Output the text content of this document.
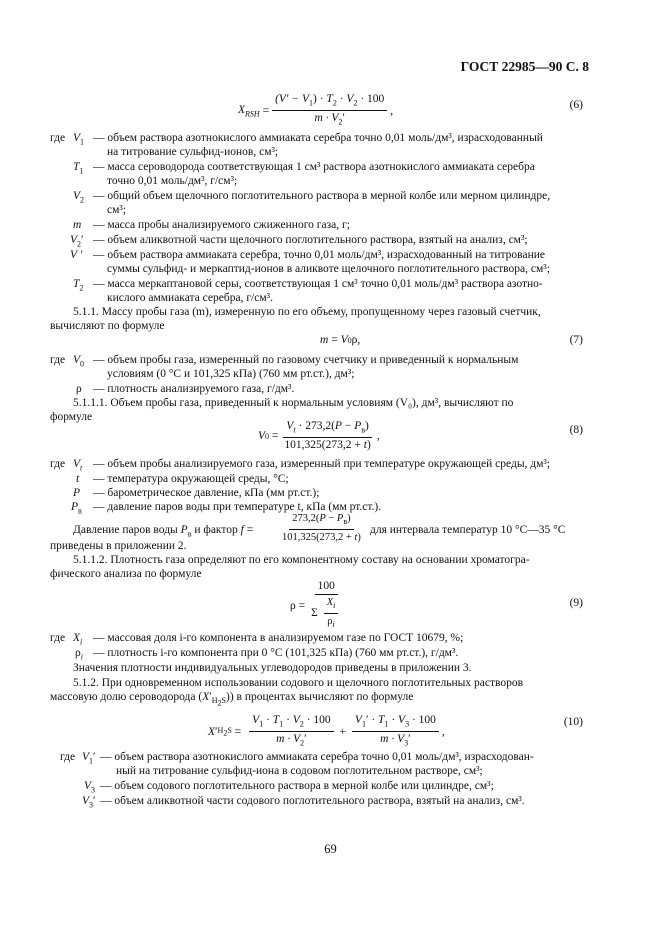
ГОСТ 22985—90 С. 8
$X_{RSH} = \frac{(V' - V_1) \cdot T_2 \cdot V_2 \cdot 100}{m \cdot V_2'}$ ,	(6)
где $V_1$ — объем раствора азотнокислого аммиаката серебра точно 0,01 моль/дм³, израсходованный
на титрование сульфид-ионов, см³;
$T_1$ — масса сероводорода соответствующая 1 см³ раствора азотнокислого аммиаката серебра
точно 0,01 моль/дм³, г/см³;
$V_2$ — общий объем щелочного поглотительного раствора в мерной колбе или мерном цилиндре,
см³;
m — масса пробы анализируемого сжиженного газа, г;
$V_2'$ — объем аликвотной части щелочного поглотительного раствора, взятый на анализ, см³;
V ′ — объем раствора аммиаката серебра, точно 0,01 моль/дм³, израсходованный на титрование
суммы сульфид- и меркаптид-ионов в аликвоте щелочного поглотительного раствора, см³;
$T_2$ — масса меркаптановой серы, соответствующая 1 см³ точно 0,01 моль/дм³ раствора азотно-
кислого аммиаката серебра, г/см³.
5.1.1. Массу пробы газа (m), измеренную по его объему, пропущенному через газовый счетчик,
вычисляют по формуле
m = V 0 ρ,	(7)
где $V_0$ — объем пробы газа, измеренный по газовому счетчику и приведенный к нормальным
условиям (0 °С и 101,325 кПа) (760 мм рт.ст.), дм³;
ρ — плотность анализируемого газа, г/дм³.
5.1.1.1. Объем пробы газа, приведенный к нормальным условиям (V₀), дм³, вычисляют по
формуле
V $0 = \frac{V_t \cdot 273,2(P - P_в)}{101,325(273,2 + t)}$ ,
(8)
где $V_t$ — объем пробы анализируемого газа, измеренный при температуре окружающей среды, дм³;
t — температура окружающей среды, °С;
P — барометрическое давление, кПа (мм рт.ст.);
$P_в$ — давление паров воды при температуре t, кПа (мм рт.ст.).
Давление паров воды $P_в$ и фактор $f = \frac{273,2(P - P_в)}{101,325(273,2 + t)}$ для интервала температур 10 °С—35 °С
приведены в приложении 2.
5.1.1.2. Плотность газа определяют по его компонентному составу на основании хроматогра-
фического анализа по формуле
$\rho = \frac{100}{\Sigma \frac{X_i}{\rho_i}}$	(9)
где $X_i$ — массовая доля i-го компонента в анализируемом газе по ГОСТ 10679, %;
$\rho_i$ — плотность i-го компонента при 0 °С (101,325 кПа) (760 мм рт.ст.), г/дм³.
Значения плотности индивидуальных углеводородов приведены в приложении 3.
5.1.2. При одновременном использовании содового и щелочного поглотительных растворов
массовую долю сероводорода $(X'_{H_2S})$) в процентах вычисляют по формуле
X ′ $H_2S = \frac{V_1 \cdot T_1 \cdot V_2 \cdot 100}{m \cdot V_2'} + \frac{V_1' \cdot T_1 \cdot V_3 \cdot 100}{m \cdot V_3'}$ ,
(10)
где $V_1'$ — объем раствора азотнокислого аммиаката серебра точно 0,01 моль/дм³, израсходован-
ный на титрование сульфид-иона в содовом поглотительном растворе, см³;
$V_3$ — объем содового поглотительного раствора в мерной колбе или цилиндре, см³;
$V_3'$ — объем аликвотной части содового поглотительного раствора, взятый на анализ, см³.
69
